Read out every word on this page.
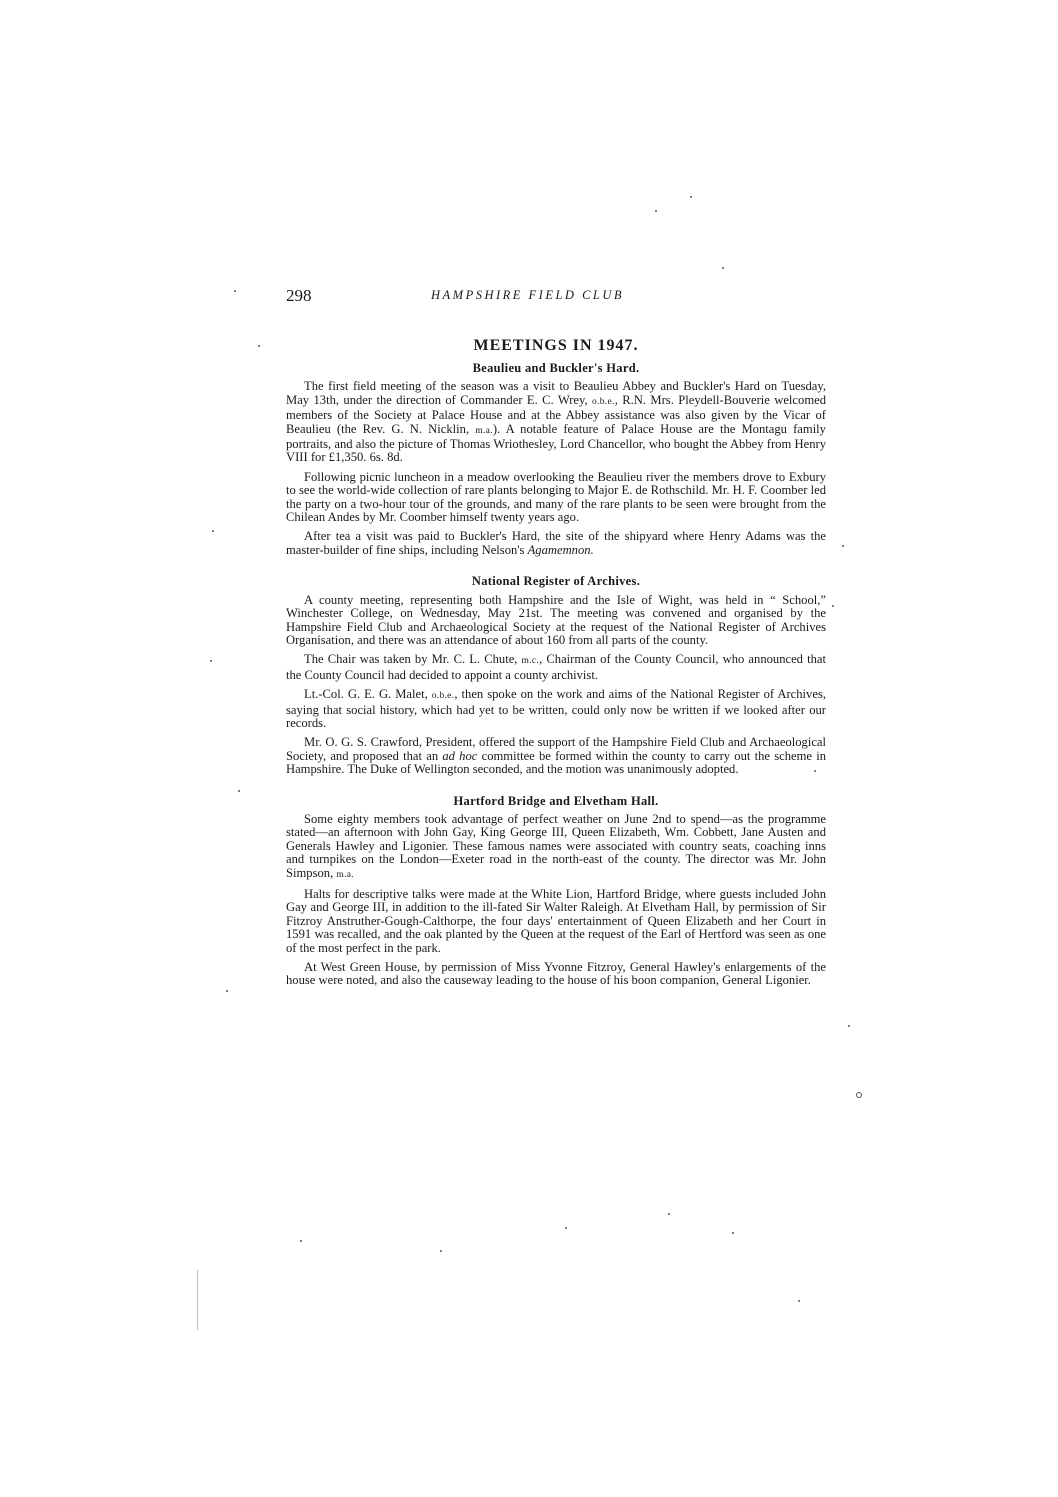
298	HAMPSHIRE FIELD CLUB
MEETINGS IN 1947.
Beaulieu and Buckler's Hard.

The first field meeting of the season was a visit to Beaulieu Abbey and Buckler's Hard on Tuesday, May 13th, under the direction of Commander E. C. Wrey, o.b.e., R.N. Mrs. Pleydell-Bouverie welcomed members of the Society at Palace House and at the Abbey assistance was also given by the Vicar of Beaulieu (the Rev. G. N. Nicklin, m.a.). A notable feature of Palace House are the Montagu family portraits, and also the picture of Thomas Wriothesley, Lord Chancellor, who bought the Abbey from Henry VIII for £1,350. 6s. 8d.

Following picnic luncheon in a meadow overlooking the Beaulieu river the members drove to Exbury to see the world-wide collection of rare plants belonging to Major E. de Rothschild. Mr. H. F. Coomber led the party on a two-hour tour of the grounds, and many of the rare plants to be seen were brought from the Chilean Andes by Mr. Coomber himself twenty years ago.

After tea a visit was paid to Buckler's Hard, the site of the shipyard where Henry Adams was the master-builder of fine ships, including Nelson's Agamemnon.

National Register of Archives.

A county meeting, representing both Hampshire and the Isle of Wight, was held in “ School,” Winchester College, on Wednesday, May 21st. The meeting was convened and organised by the Hampshire Field Club and Archaeological Society at the request of the National Register of Archives Organisation, and there was an attendance of about 160 from all parts of the county.

The Chair was taken by Mr. C. L. Chute, m.c., Chairman of the County Council, who announced that the County Council had decided to appoint a county archivist.

Lt.-Col. G. E. G. Malet, o.b.e., then spoke on the work and aims of the National Register of Archives, saying that social history, which had yet to be written, could only now be written if we looked after our records.

Mr. O. G. S. Crawford, President, offered the support of the Hampshire Field Club and Archaeological Society, and proposed that an ad hoc committee be formed within the county to carry out the scheme in Hampshire. The Duke of Wellington seconded, and the motion was unanimously adopted.

Hartford Bridge and Elvetham Hall.

Some eighty members took advantage of perfect weather on June 2nd to spend—as the programme stated—an afternoon with John Gay, King George III, Queen Elizabeth, Wm. Cobbett, Jane Austen and Generals Hawley and Ligonier. These famous names were associated with country seats, coaching inns and turnpikes on the London—Exeter road in the north-east of the county. The director was Mr. John Simpson, m.a.

Halts for descriptive talks were made at the White Lion, Hartford Bridge, where guests included John Gay and George III, in addition to the ill-fated Sir Walter Raleigh. At Elvetham Hall, by permission of Sir Fitzroy Anstruther-Gough-Calthorpe, the four days' entertainment of Queen Elizabeth and her Court in 1591 was recalled, and the oak planted by the Queen at the request of the Earl of Hertford was seen as one of the most perfect in the park.

At West Green House, by permission of Miss Yvonne Fitzroy, General Hawley's enlargements of the house were noted, and also the causeway leading to the house of his boon companion, General Ligonier.
